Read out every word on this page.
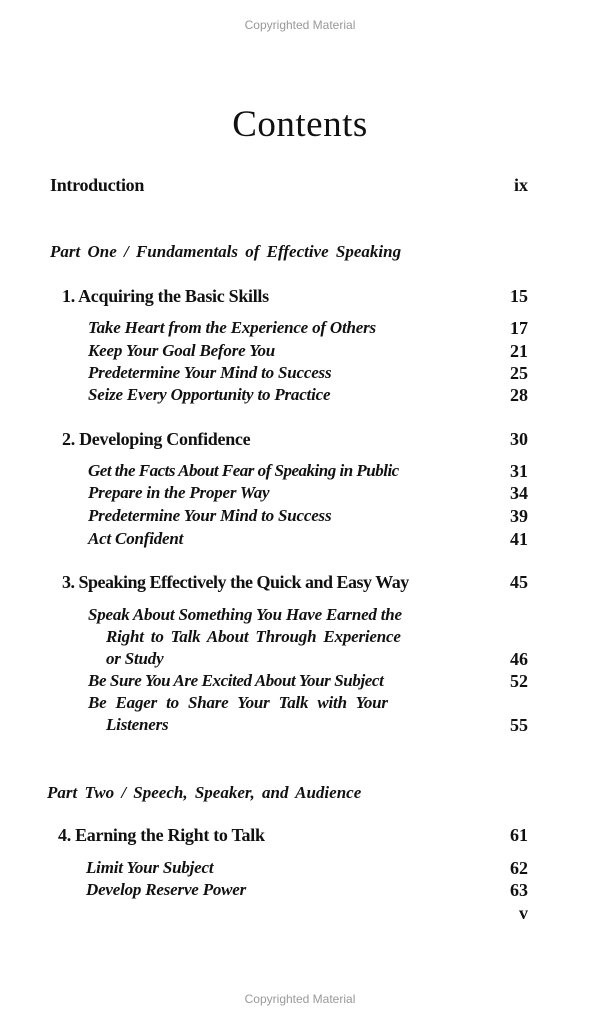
Copyrighted Material
Contents
Introduction	ix
Part One / Fundamentals of Effective Speaking
1. Acquiring the Basic Skills	15
Take Heart from the Experience of Others	17
Keep Your Goal Before You	21
Predetermine Your Mind to Success	25
Seize Every Opportunity to Practice	28
2. Developing Confidence	30
Get the Facts About Fear of Speaking in Public	31
Prepare in the Proper Way	34
Predetermine Your Mind to Success	39
Act Confident	41
3. Speaking Effectively the Quick and Easy Way	45
Speak About Something You Have Earned the
Right to Talk About Through Experience
or Study	46
Be Sure You Are Excited About Your Subject	52
Be Eager to Share Your Talk with Your
Listeners	55
Part Two / Speech, Speaker, and Audience
4. Earning the Right to Talk	61
Limit Your Subject	62
Develop Reserve Power	63
v
Copyrighted Material
